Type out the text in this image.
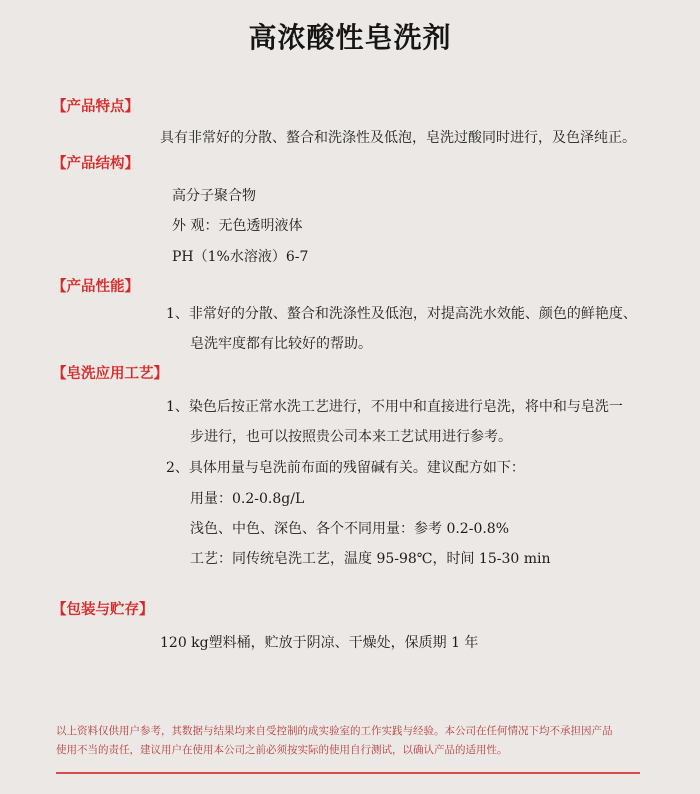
高浓酸性皂洗剂
【产品特点】
具有非常好的分散、螯合和洗涤性及低泡，皂洗过酸同时进行，及色泽纯正。
【产品结构】
高分子聚合物
外 观：无色透明液体
PH（1%水溶液）6-7
【产品性能】
1、非常好的分散、螯合和洗涤性及低泡，对提高洗水效能、颜色的鲜艳度、
皂洗牢度都有比较好的帮助。
【皂洗应用工艺】
1、染色后按正常水洗工艺进行，不用中和直接进行皂洗，将中和与皂洗一
步进行，也可以按照贵公司本来工艺试用进行参考。
2、具体用量与皂洗前布面的残留碱有关。建议配方如下：
用量：0.2-0.8g/L
浅色、中色、深色、各个不同用量：参考 0.2-0.8%
工艺：同传统皂洗工艺，温度 95-98℃，时间 15-30 min
【包装与贮存】
120 kg塑料桶，贮放于阴凉、干燥处，保质期 1 年
以上资料仅供用户参考，其数据与结果均来自受控制的成实验室的工作实践与经验。本公司在任何情况下均不承担因产品
使用不当的责任，建议用户在使用本公司之前必须按实际的使用自行测试，以确认产品的适用性。
